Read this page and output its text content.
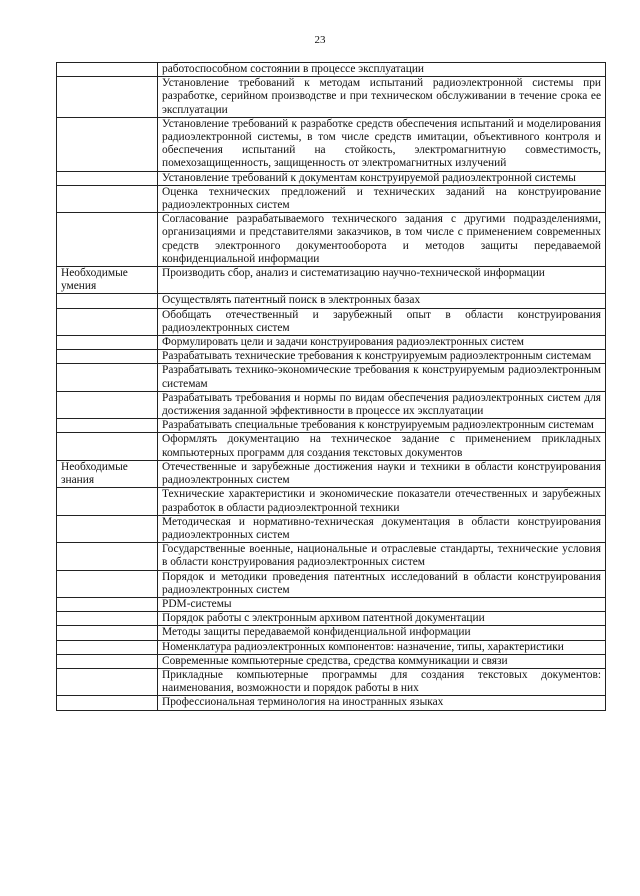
23
	работоспособном состоянии в процессе эксплуатации
	Установление требований к методам испытаний радиоэлектронной системы при разработке, серийном производстве и при техническом обслуживании в течение срока ее эксплуатации
	Установление требований к разработке средств обеспечения испытаний и моделирования радиоэлектронной системы, в том числе средств имитации, объективного контроля и обеспечения испытаний на стойкость, электромагнитную совместимость, помехозащищенность, защищенность от электромагнитных излучений
	Установление требований к документам конструируемой радиоэлектронной системы
	Оценка технических предложений и технических заданий на конструирование радиоэлектронных систем
	Согласование разрабатываемого технического задания с другими подразделениями, организациями и представителями заказчиков, в том числе с применением современных средств электронного документооборота и методов защиты передаваемой конфиденциальной информации
Необходимые умения	Производить сбор, анализ и систематизацию научно-технической информации
	Осуществлять патентный поиск в электронных базах
	Обобщать отечественный и зарубежный опыт в области конструирования радиоэлектронных систем
	Формулировать цели и задачи конструирования радиоэлектронных систем
	Разрабатывать технические требования к конструируемым радиоэлектронным системам
	Разрабатывать технико-экономические требования к конструируемым радиоэлектронным системам
	Разрабатывать требования и нормы по видам обеспечения радиоэлектронных систем для достижения заданной эффективности в процессе их эксплуатации
	Разрабатывать специальные требования к конструируемым радиоэлектронным системам
	Оформлять документацию на техническое задание с применением прикладных компьютерных программ для создания текстовых документов
Необходимые знания	Отечественные и зарубежные достижения науки и техники в области конструирования радиоэлектронных систем
	Технические характеристики и экономические показатели отечественных и зарубежных разработок в области радиоэлектронной техники
	Методическая и нормативно-техническая документация в области конструирования радиоэлектронных систем
	Государственные военные, национальные и отраслевые стандарты, технические условия в области конструирования радиоэлектронных систем
	Порядок и методики проведения патентных исследований в области конструирования радиоэлектронных систем
	PDM-системы
	Порядок работы с электронным архивом патентной документации
	Методы защиты передаваемой конфиденциальной информации
	Номенклатура радиоэлектронных компонентов: назначение, типы, характеристики
	Современные компьютерные средства, средства коммуникации и связи
	Прикладные компьютерные программы для создания текстовых документов: наименования, возможности и порядок работы в них
	Профессиональная терминология на иностранных языках
